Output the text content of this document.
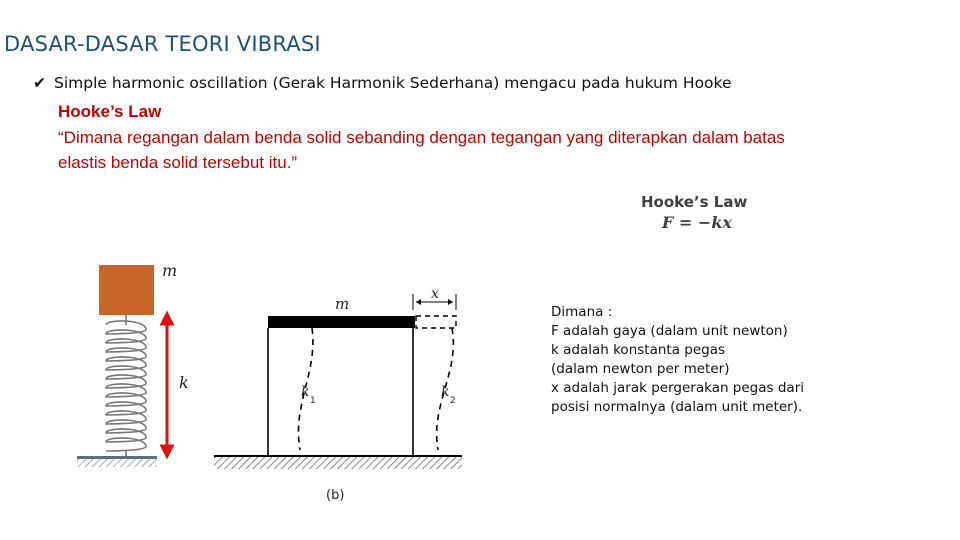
DASAR-DASAR TEORI VIBRASI
✔ Simple harmonic oscillation (Gerak Harmonik Sederhana) mengacu pada hukum Hooke
Hooke’s Law
“Dimana regangan dalam benda solid sebanding dengan tegangan yang diterapkan dalam batas
elastis benda solid tersebut itu.”
Hooke’s Law
F = −kx
Dimana :
F adalah gaya (dalam unit newton)
k adalah konstanta pegas
(dalam newton per meter)
x adalah jarak pergerakan pegas dari
posisi normalnya (dalam unit meter).
m
k
m
x
k
1
k
2
(b)
